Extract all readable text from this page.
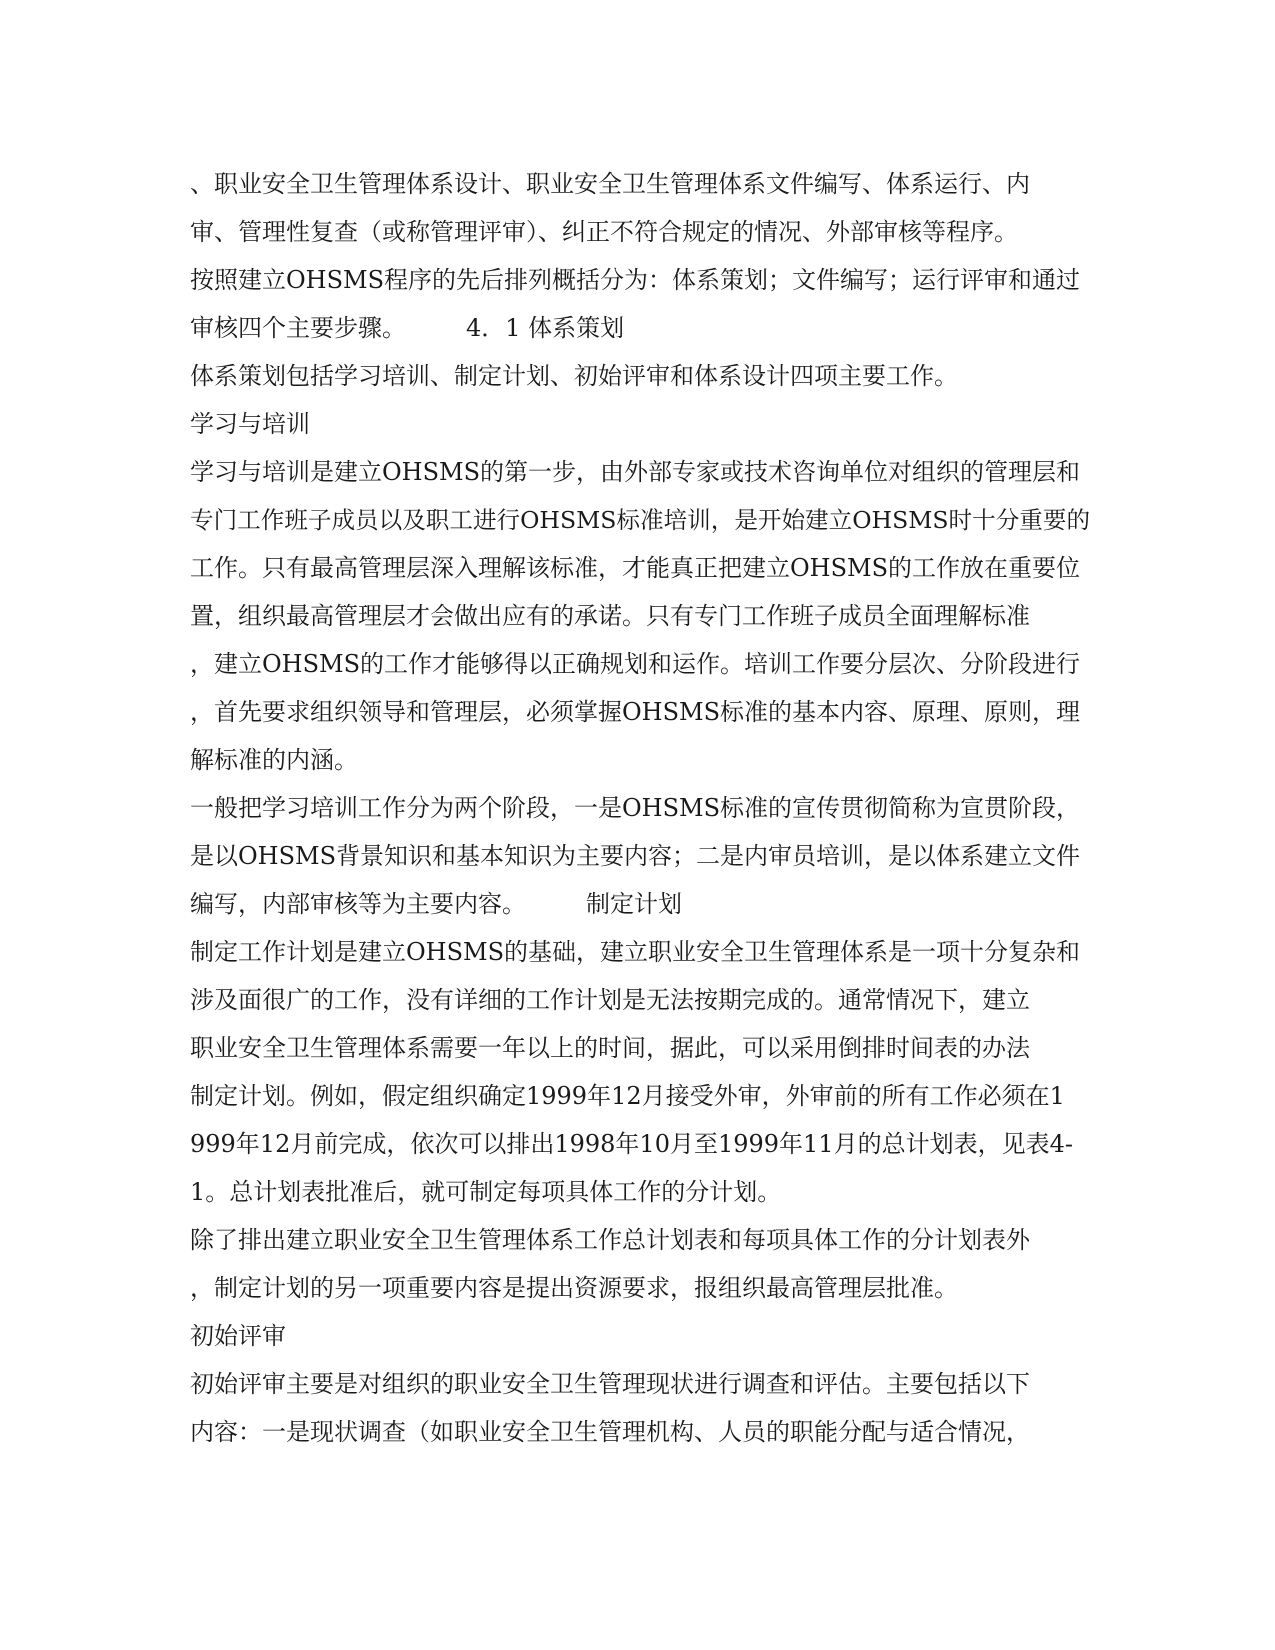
、职业安全卫生管理体系设计、职业安全卫生管理体系文件编写、体系运行、内
审、管理性复查（或称管理评审）、纠正不符合规定的情况、外部审核等程序。
按照建立OHSMS程序的先后排列概括分为：体系策划；文件编写；运行评审和通过
审核四个主要步骤。　　　4．1 体系策划
体系策划包括学习培训、制定计划、初始评审和体系设计四项主要工作。
学习与培训
学习与培训是建立OHSMS的第一步，由外部专家或技术咨询单位对组织的管理层和
专门工作班子成员以及职工进行OHSMS标准培训，是开始建立OHSMS时十分重要的
工作。只有最高管理层深入理解该标准，才能真正把建立OHSMS的工作放在重要位
置，组织最高管理层才会做出应有的承诺。只有专门工作班子成员全面理解标准
，建立OHSMS的工作才能够得以正确规划和运作。培训工作要分层次、分阶段进行
，首先要求组织领导和管理层，必须掌握OHSMS标准的基本内容、原理、原则，理
解标准的内涵。
一般把学习培训工作分为两个阶段，一是OHSMS标准的宣传贯彻简称为宣贯阶段，
是以OHSMS背景知识和基本知识为主要内容；二是内审员培训，是以体系建立文件
编写，内部审核等为主要内容。　　　制定计划
制定工作计划是建立OHSMS的基础，建立职业安全卫生管理体系是一项十分复杂和
涉及面很广的工作，没有详细的工作计划是无法按期完成的。通常情况下，建立
职业安全卫生管理体系需要一年以上的时间，据此，可以采用倒排时间表的办法
制定计划。例如，假定组织确定1999年12月接受外审，外审前的所有工作必须在1
999年12月前完成，依次可以排出1998年10月至1999年11月的总计划表，见表4-
1。总计划表批准后，就可制定每项具体工作的分计划。
除了排出建立职业安全卫生管理体系工作总计划表和每项具体工作的分计划表外
，制定计划的另一项重要内容是提出资源要求，报组织最高管理层批准。
初始评审
初始评审主要是对组织的职业安全卫生管理现状进行调查和评估。主要包括以下
内容：一是现状调查（如职业安全卫生管理机构、人员的职能分配与适合情况，
